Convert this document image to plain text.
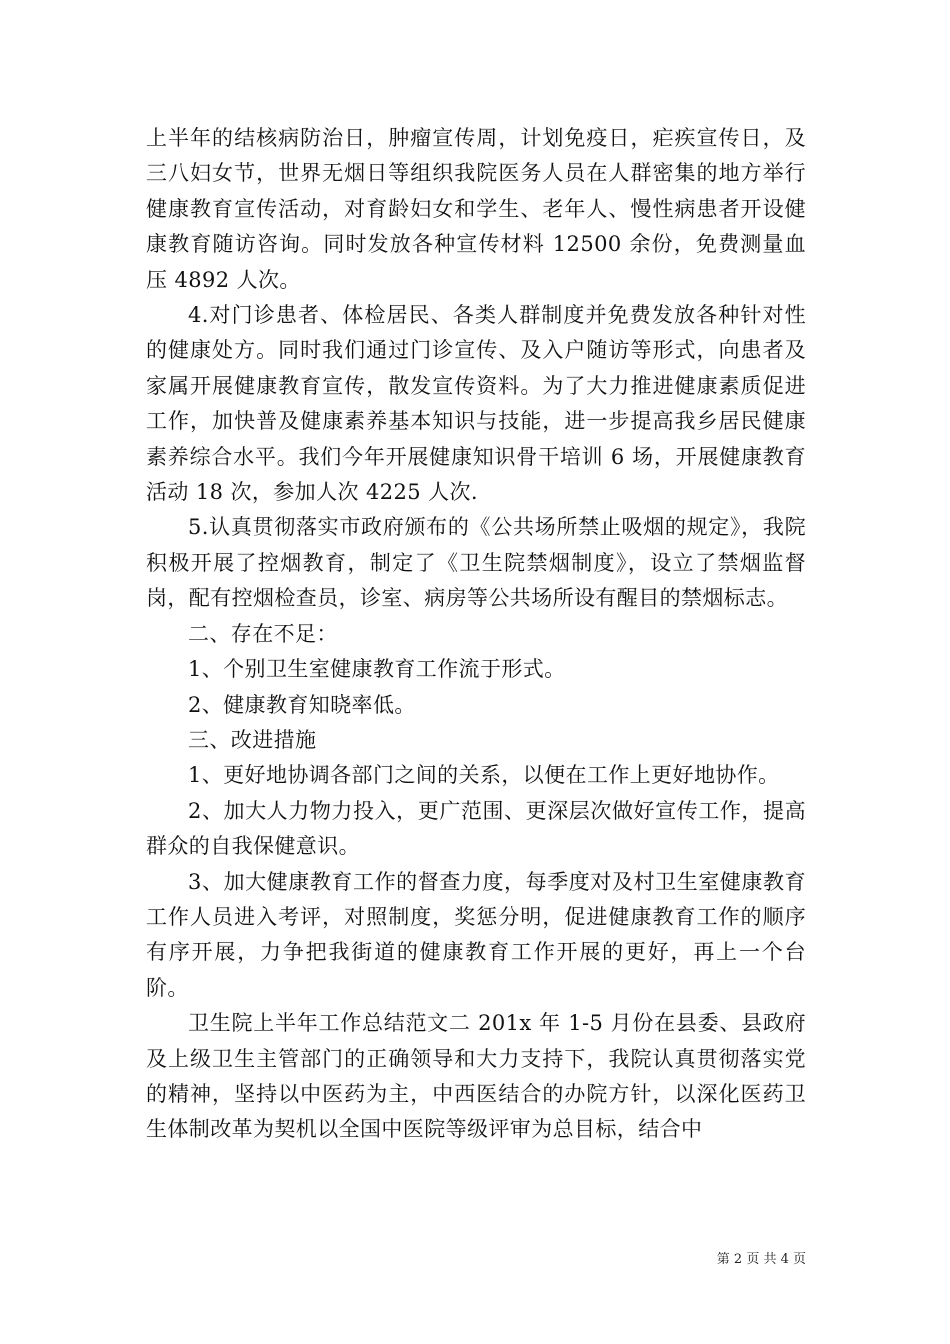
上半年的结核病防治日，肿瘤宣传周，计划免疫日，疟疾宣传日，及三八妇女节，世界无烟日等组织我院医务人员在人群密集的地方举行健康教育宣传活动，对育龄妇女和学生、老年人、慢性病患者开设健康教育随访咨询。同时发放各种宣传材料 12500 余份，免费测量血压 4892 人次。

4.对门诊患者、体检居民、各类人群制度并免费发放各种针对性的健康处方。同时我们通过门诊宣传、及入户随访等形式，向患者及家属开展健康教育宣传，散发宣传资料。为了大力推进健康素质促进工作，加快普及健康素养基本知识与技能，进一步提高我乡居民健康素养综合水平。我们今年开展健康知识骨干培训 6 场，开展健康教育活动 18 次，参加人次 4225 人次.

5.认真贯彻落实市政府颁布的《公共场所禁止吸烟的规定》，我院积极开展了控烟教育，制定了《卫生院禁烟制度》，设立了禁烟监督岗，配有控烟检查员，诊室、病房等公共场所设有醒目的禁烟标志。

二、存在不足：

1、个别卫生室健康教育工作流于形式。

2、健康教育知晓率低。

三、改进措施

1、更好地协调各部门之间的关系，以便在工作上更好地协作。

2、加大人力物力投入，更广范围、更深层次做好宣传工作，提高群众的自我保健意识。

3、加大健康教育工作的督查力度，每季度对及村卫生室健康教育工作人员进入考评，对照制度，奖惩分明，促进健康教育工作的顺序有序开展，力争把我街道的健康教育工作开展的更好，再上一个台阶。

卫生院上半年工作总结范文二 201x 年 1-5 月份在县委、县政府及上级卫生主管部门的正确领导和大力支持下，我院认真贯彻落实党的精神，坚持以中医药为主，中西医结合的办院方针，以深化医药卫生体制改革为契机以全国中医院等级评审为总目标，结合中

第 2 页 共 4 页
